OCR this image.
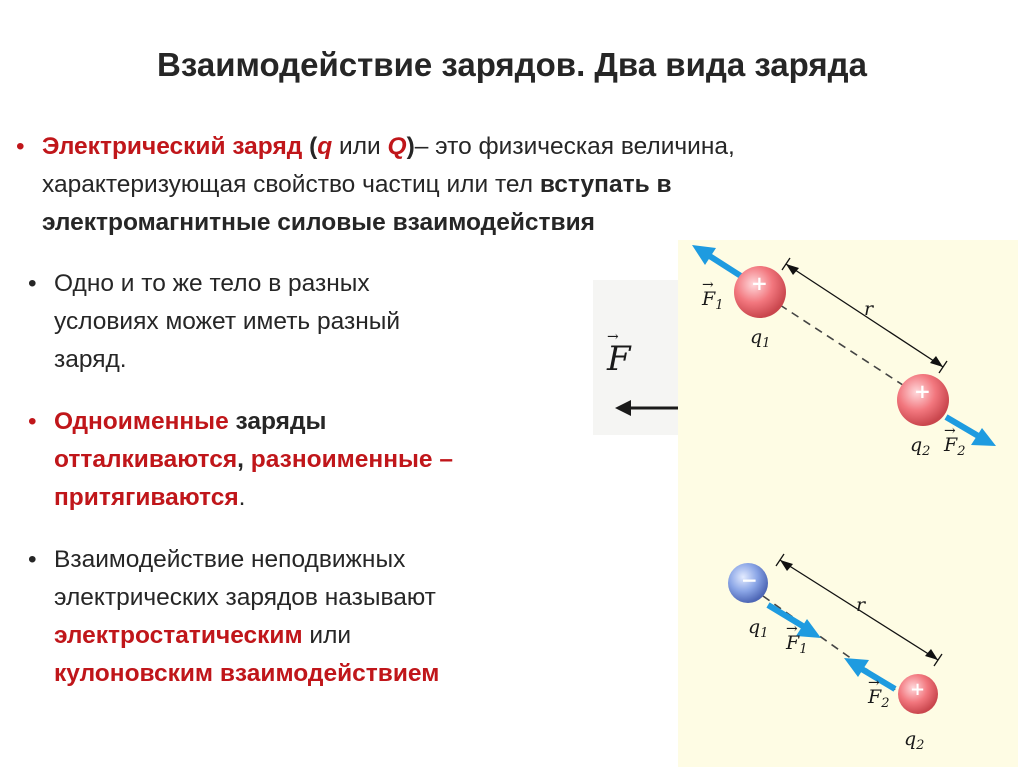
Взаимодействие зарядов. Два вида заряда
• Электрический заряд (q или Q)– это физическая величина,
характеризующая свойство частиц или тел вступать в
электромагнитные силовые взаимодействия
• Одно и то же тело в разных
условиях может иметь разный
заряд.
• Одноименные заряды
отталкиваются, разноименные –
притягиваются.
• Взаимодействие неподвижных
электрических зарядов называют
электростатическим или
кулоновским взаимодействием
→ F
+
+
→ $F_1$
$q_1$
r
$q_2$
→ $F_2$
−
+
$q_1$
→ $F_1$
r
→ $F_2$
$q_2$
